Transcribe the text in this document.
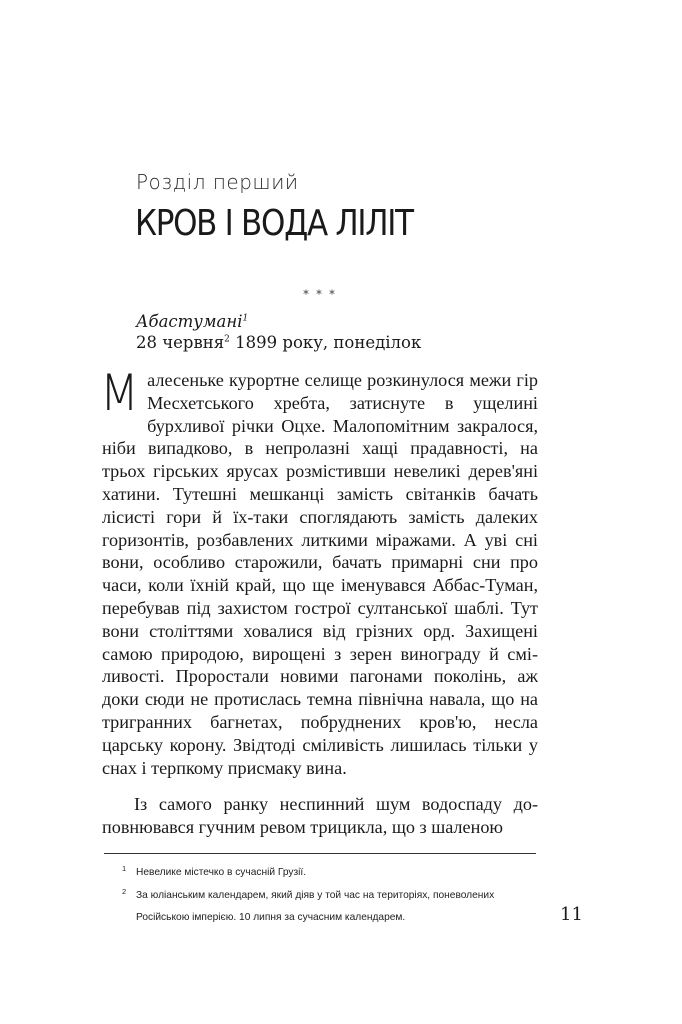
Розділ перший
КРОВ І ВОДА ЛІЛІТ
* * *
Абастумані$^1$
28 червня$^2$ 1899 року, понеділок

Малесеньке курортне селище розкинулося межи гір Месхетського хребта, затиснуте в ущелині бурхливої річки Оцхе. Малопомітним закралося, ніби випадково, в непролазні хащі прадавності, на трьох гірських ярусах розмістивши невеликі дерев'яні хатини. Тутешні мешканці замість світанків бачать лісисті гори й їх-таки споглядають замість далеких горизонтів, розбавлених литкими міражами. А уві сні вони, особливо старожили, бачать примарні сни про часи, коли їхній край, що ще іменувався Аббас-Туман, перебував під захистом гострої султанської шаблі. Тут вони століттями ховалися від грізних орд. Захищені самою природою, вирощені з зерен винограду й сміливості. Проростали новими пагонами поколінь, аж доки сюди не протислась темна північна навала, що на тригранних багнетах, побруднених кров'ю, несла царську корону. Звідтоді сміливість лишилась тільки у снах і терпкому присмаку вина.

Із самого ранку неспинний шум водоспаду доповнювався гучним ревом трицикла, що з шаленою

1 Невелике містечко в сучасній Грузії.
2 За юліанським календарем, який діяв у той час на територіях, поневолених Російською імперією. 10 липня за сучасним календарем.	11
